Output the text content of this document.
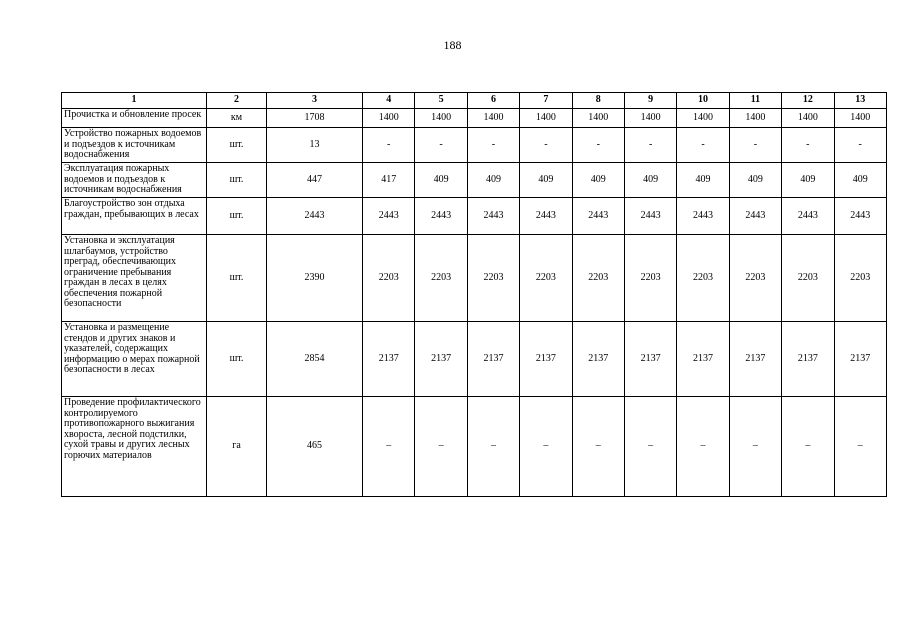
188
1	2	3	4	5	6	7	8	9	10	11	12	13
Прочистка и обновление просек	км	1708	1400	1400	1400	1400	1400	1400	1400	1400	1400	1400
Устройство пожарных водоемов и подъездов к источникам водоснабжения	шт.	13	-	-	-	-	-	-	-	-	-	-
Эксплуатация пожарных водоемов и подъездов к источникам водоснабжения	шт.	447	417	409	409	409	409	409	409	409	409	409
Благоустройство зон отдыха граждан, пребывающих в лесах	шт.	2443	2443	2443	2443	2443	2443	2443	2443	2443	2443	2443
Установка и эксплуатация шлагбаумов, устройство преград, обеспечивающих ограничение пребывания граждан в лесах в целях обеспечения пожарной безопасности	шт.	2390	2203	2203	2203	2203	2203	2203	2203	2203	2203	2203
Установка и размещение стендов и других знаков и указателей, содержащих информацию о мерах пожарной безопасности в лесах	шт.	2854	2137	2137	2137	2137	2137	2137	2137	2137	2137	2137
Проведение профилактического контролируемого противопожарного выжигания хвороста, лесной подстилки, сухой травы и других лесных горючих материалов	га	465	–	–	–	–	–	–	–	–	–	–
